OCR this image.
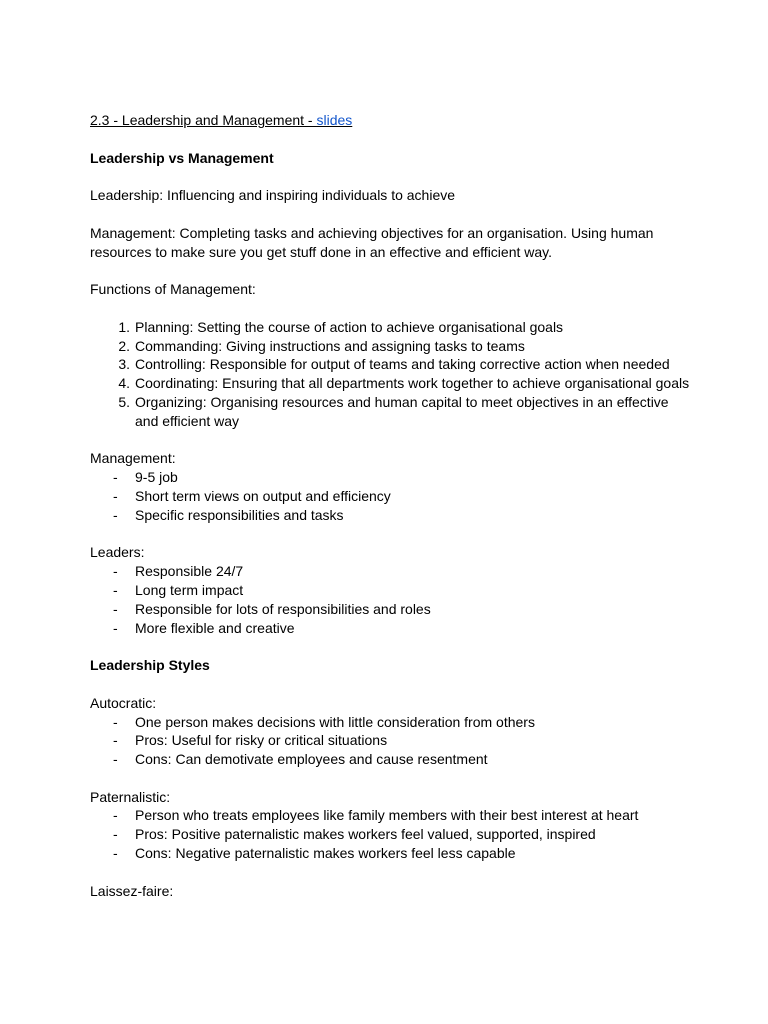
2.3 - Leadership and Management - slides

Leadership vs Management

Leadership: Influencing and inspiring individuals to achieve

Management: Completing tasks and achieving objectives for an organisation. Using human resources to make sure you get stuff done in an effective and efficient way.

Functions of Management:

1. Planning: Setting the course of action to achieve organisational goals
2. Commanding: Giving instructions and assigning tasks to teams
3. Controlling: Responsible for output of teams and taking corrective action when needed
4. Coordinating: Ensuring that all departments work together to achieve organisational goals
5. Organizing: Organising resources and human capital to meet objectives in an effective and efficient way

Management:

- 9-5 job
- Short term views on output and efficiency
- Specific responsibilities and tasks

Leaders:

- Responsible 24/7
- Long term impact
- Responsible for lots of responsibilities and roles
- More flexible and creative

Leadership Styles

Autocratic:

- One person makes decisions with little consideration from others
- Pros: Useful for risky or critical situations
- Cons: Can demotivate employees and cause resentment

Paternalistic:

- Person who treats employees like family members with their best interest at heart
- Pros: Positive paternalistic makes workers feel valued, supported, inspired
- Cons: Negative paternalistic makes workers feel less capable

Laissez-faire:
